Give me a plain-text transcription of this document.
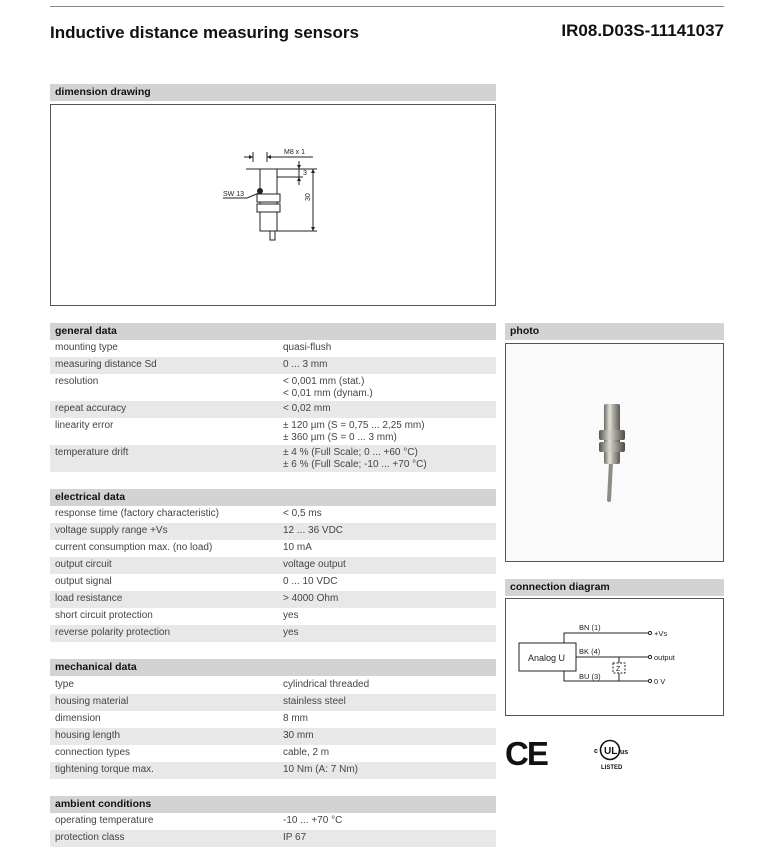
Inductive distance measuring sensors	IR08.D03S-11141037
dimension drawing
M8 x 1
SW 13
3
30
general data
mounting type	quasi-flush
measuring distance Sd	0 ... 3 mm
resolution	< 0,001 mm (stat.)
< 0,01 mm (dynam.)
repeat accuracy	< 0,02 mm
linearity error	± 120 µm (S = 0,75 ... 2,25 mm)
± 360 µm (S = 0 ... 3 mm)
temperature drift	± 4 % (Full Scale; 0 ... +60 °C)
± 6 % (Full Scale; -10 ... +70 °C)
electrical data
response time (factory characteristic)	< 0,5 ms
voltage supply range +Vs	12 ... 36 VDC
current consumption max. (no load)	10 mA
output circuit	voltage output
output signal	0 ... 10 VDC
load resistance	> 4000 Ohm
short circuit protection	yes
reverse polarity protection	yes
mechanical data
type	cylindrical threaded
housing material	stainless steel
dimension	8 mm
housing length	30 mm
connection types	cable, 2 m
tightening torque max.	10 Nm (A: 7 Nm)
ambient conditions
operating temperature	-10 ... +70 °C
protection class	IP 67
photo
connection diagram
Analog U
BN (1)
BK (4)
BU (3)
+Vs
output
0 V
Z
CE	UL
c	us
LISTED
